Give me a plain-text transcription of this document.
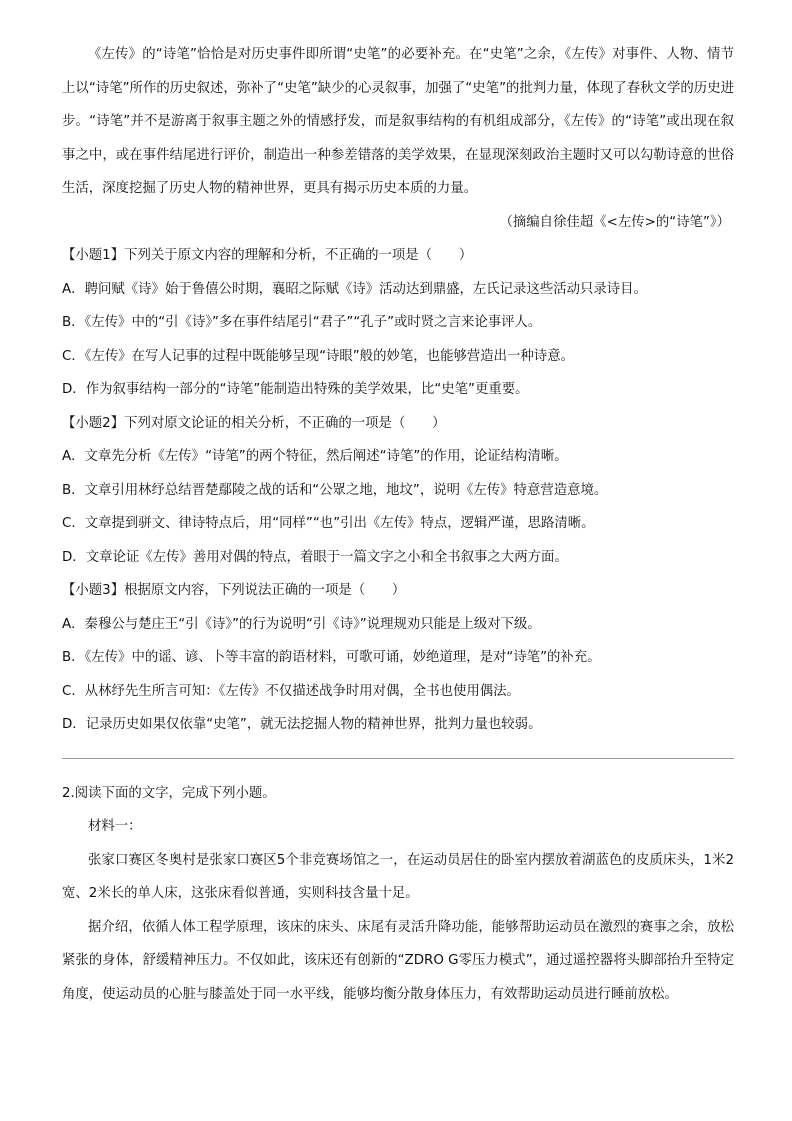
《左传》的“诗笔”恰恰是对历史事件即所谓“史笔”的必要补充。在“史笔”之余，《左传》对事件、人物、情节上以“诗笔”所作的历史叙述，弥补了“史笔”缺少的心灵叙事，加强了“史笔”的批判力量，体现了春秋文学的历史进步。“诗笔”并不是游离于叙事主题之外的情感抒发，而是叙事结构的有机组成部分，《左传》的“诗笔”或出现在叙事之中，或在事件结尾进行评价，制造出一种参差错落的美学效果，在显现深刻政治主题时又可以勾勒诗意的世俗生活，深度挖掘了历史人物的精神世界，更具有揭示历史本质的力量。

（摘编自徐佳超《<左传>的“诗笔”》）

【小题1】下列关于原文内容的理解和分析，不正确的一项是（　　）

A．聘问赋《诗》始于鲁僖公时期，襄昭之际赋《诗》活动达到鼎盛，左氏记录这些活动只录诗目。

B．《左传》中的“引《诗》”多在事件结尾引“君子”“孔子”或时贤之言来论事评人。

C．《左传》在写人记事的过程中既能够呈现“诗眼”般的妙笔，也能够营造出一种诗意。

D．作为叙事结构一部分的“诗笔”能制造出特殊的美学效果，比“史笔”更重要。

【小题2】下列对原文论证的相关分析，不正确的一项是（　　）

A．文章先分析《左传》“诗笔”的两个特征，然后阐述“诗笔”的作用，论证结构清晰。

B．文章引用林纾总结晋楚鄢陵之战的话和“公眾之地，地坟”，说明《左传》特意营造意境。

C．文章提到骈文、律诗特点后，用“同样”“也”引出《左传》特点，逻辑严谨，思路清晰。

D．文章论证《左传》善用对偶的特点，着眼于一篇文字之小和全书叙事之大两方面。

【小题3】根据原文内容，下列说法正确的一项是（　　）

A．秦穆公与楚庄王“引《诗》”的行为说明“引《诗》”说理规劝只能是上级对下级。

B．《左传》中的谣、谚、卜等丰富的韵语材料，可歌可诵，妙绝道理，是对“诗笔”的补充。

C．从林纾先生所言可知：《左传》不仅描述战争时用对偶，全书也使用偶法。

D．记录历史如果仅依靠“史笔”，就无法挖掘人物的精神世界，批判力量也较弱。

2.阅读下面的文字，完成下列小题。

材料一：

张家口赛区冬奥村是张家口赛区5个非竞赛场馆之一，在运动员居住的卧室内摆放着湖蓝色的皮质床头，1米2宽、2米长的单人床，这张床看似普通，实则科技含量十足。

据介绍，依循人体工程学原理，该床的床头、床尾有灵活升降功能，能够帮助运动员在激烈的赛事之余，放松紧张的身体，舒缓精神压力。不仅如此，该床还有创新的“ZDRO G零压力模式”，通过遥控器将头脚部抬升至特定角度，使运动员的心脏与膝盖处于同一水平线，能够均衡分散身体压力，有效帮助运动员进行睡前放松。
